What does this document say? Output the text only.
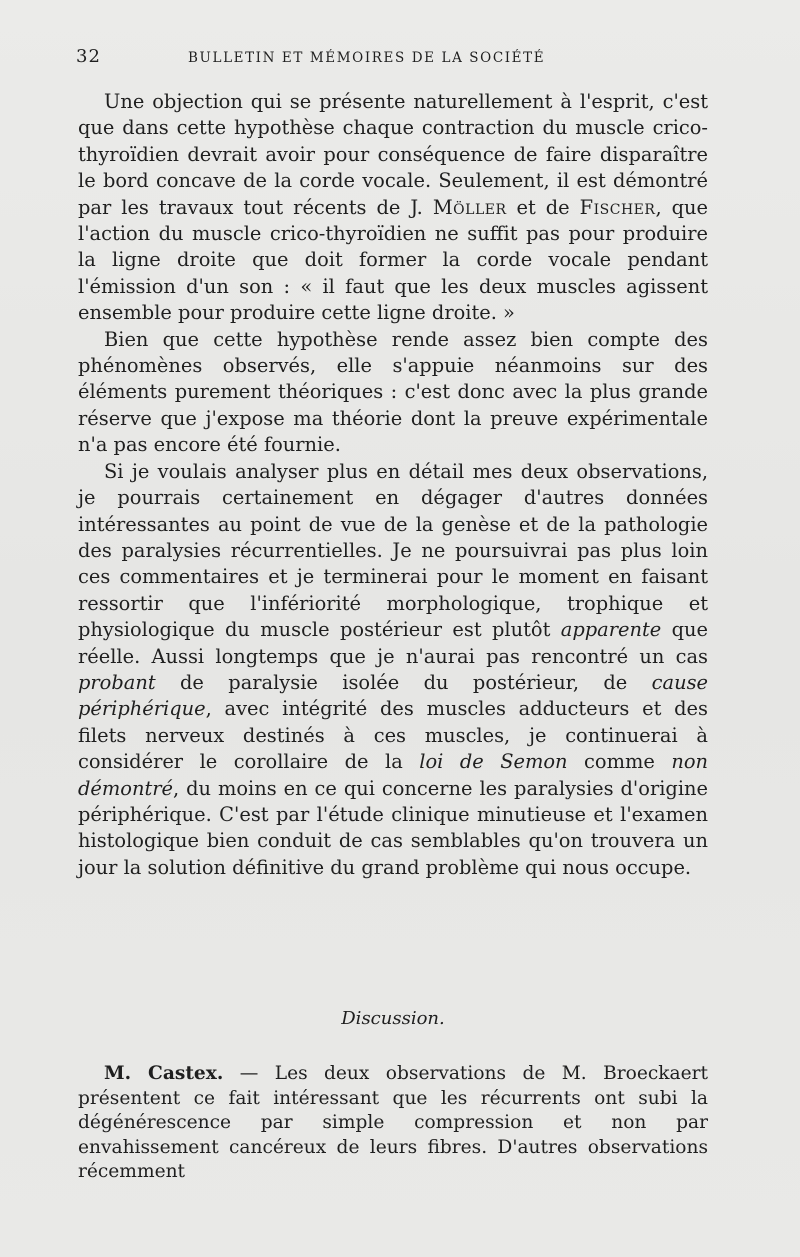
32	BULLETIN ET MÉMOIRES DE LA SOCIÉTÉ

Une objection qui se présente naturellement à l'esprit, c'est que dans cette hypothèse chaque contraction du muscle crico-thyroïdien devrait avoir pour conséquence de faire disparaître le bord concave de la corde vocale. Seulement, il est démontré par les travaux tout récents de J. Möller et de Fischer, que l'action du muscle crico-thyroïdien ne suffit pas pour produire la ligne droite que doit former la corde vocale pendant l'émission d'un son : « il faut que les deux muscles agissent ensemble pour produire cette ligne droite. »

Bien que cette hypothèse rende assez bien compte des phénomènes observés, elle s'appuie néanmoins sur des éléments purement théoriques : c'est donc avec la plus grande réserve que j'expose ma théorie dont la preuve expérimentale n'a pas encore été fournie.

Si je voulais analyser plus en détail mes deux observations, je pourrais certainement en dégager d'autres données intéressantes au point de vue de la genèse et de la pathologie des paralysies récurrentielles. Je ne poursuivrai pas plus loin ces commentaires et je terminerai pour le moment en faisant ressortir que l'infériorité morphologique, trophique et physiologique du muscle postérieur est plutôt apparente que réelle. Aussi longtemps que je n'aurai pas rencontré un cas probant de paralysie isolée du postérieur, de cause périphérique, avec intégrité des muscles adducteurs et des filets nerveux destinés à ces muscles, je continuerai à considérer le corollaire de la loi de Semon comme non démontré, du moins en ce qui concerne les paralysies d'origine périphérique. C'est par l'étude clinique minutieuse et l'examen histologique bien conduit de cas semblables qu'on trouvera un jour la solution définitive du grand problème qui nous occupe.

Discussion.

M. Castex. — Les deux observations de M. Broeckaert présentent ce fait intéressant que les récurrents ont subi la dégénérescence par simple compression et non par envahissement cancéreux de leurs fibres. D'autres observations récemment
